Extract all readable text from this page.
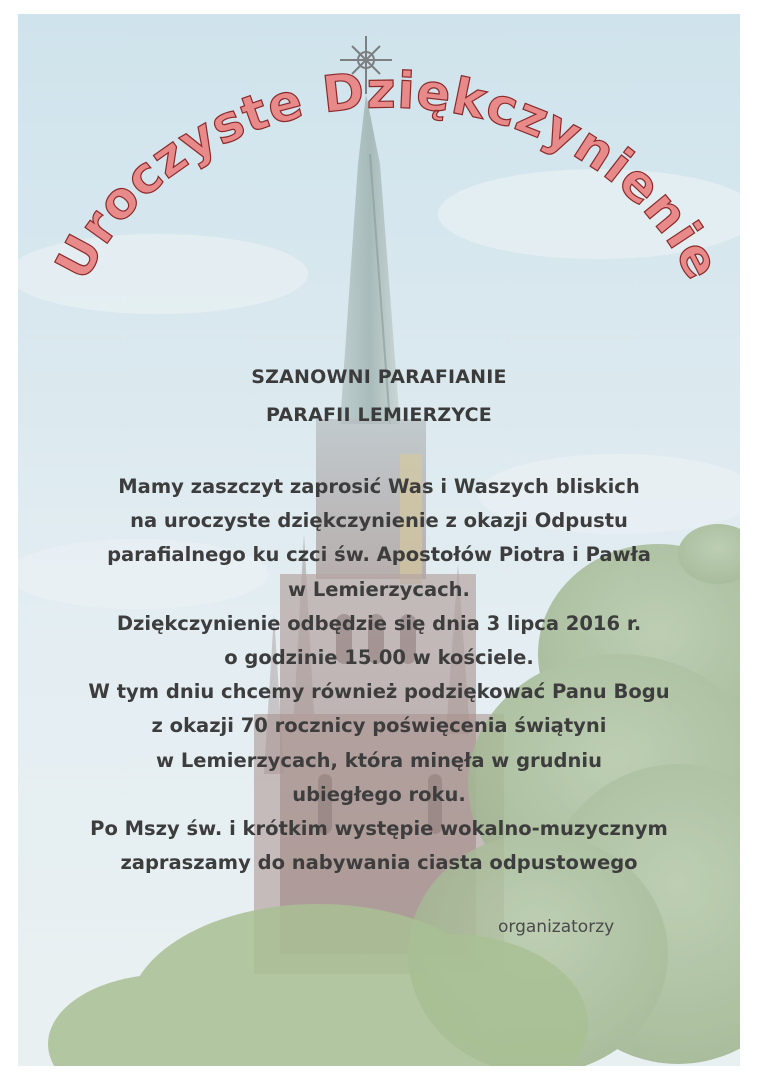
Uroczyste Dziękczynienie
SZANOWNI PARAFIANIE
PARAFII LEMIERZYCE
Mamy zaszczyt zaprosić Was i Waszych bliskich
na uroczyste dziękczynienie z okazji Odpustu
parafialnego ku czci św. Apostołów Piotra i Pawła
w Lemierzycach.
Dziękczynienie odbędzie się dnia 3 lipca 2016 r.
o godzinie 15.00 w kościele.
W tym dniu chcemy również podziękować Panu Bogu
z okazji 70 rocznicy poświęcenia świątyni
w Lemierzycach, która minęła w grudniu
ubiegłego roku.
Po Mszy św. i krótkim występie wokalno-muzycznym
zapraszamy do nabywania ciasta odpustowego
organizatorzy
